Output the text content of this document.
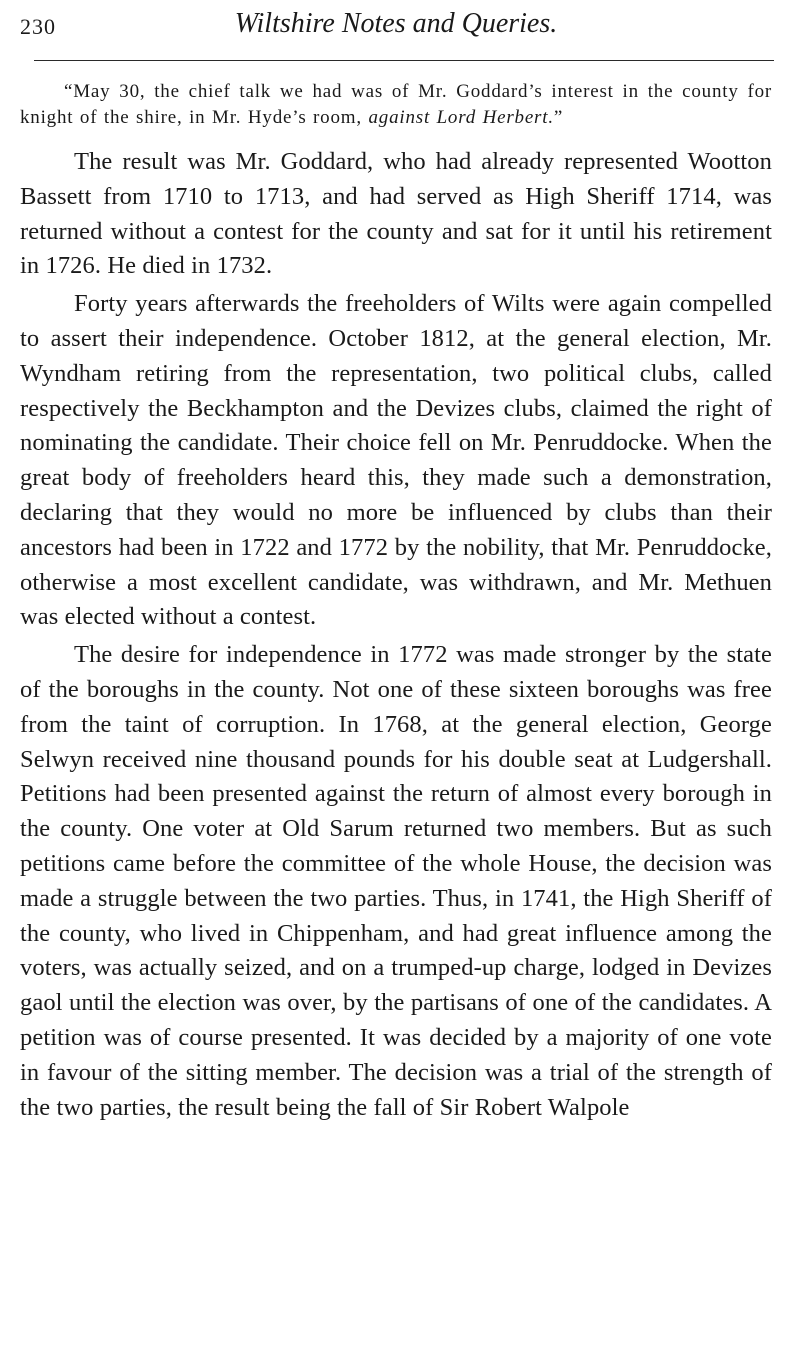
230	Wiltshire Notes and Queries.
“May 30, the chief talk we had was of Mr. Goddard’s interest in the county for knight of the shire, in Mr. Hyde’s room, against Lord Herbert.”

The result was Mr. Goddard, who had already represented Wootton Bassett from 1710 to 1713, and had served as High Sheriff 1714, was returned without a contest for the county and sat for it until his retirement in 1726. He died in 1732.

Forty years afterwards the freeholders of Wilts were again compelled to assert their independence. October 1812, at the general election, Mr. Wyndham retiring from the representation, two political clubs, called respectively the Beckhampton and the Devizes clubs, claimed the right of nominating the candidate. Their choice fell on Mr. Penruddocke. When the great body of freeholders heard this, they made such a demonstration, declaring that they would no more be influenced by clubs than their ancestors had been in 1722 and 1772 by the nobility, that Mr. Penruddocke, otherwise a most excellent candidate, was withdrawn, and Mr. Methuen was elected without a contest.

The desire for independence in 1772 was made stronger by the state of the boroughs in the county. Not one of these sixteen boroughs was free from the taint of corruption. In 1768, at the general election, George Selwyn received nine thousand pounds for his double seat at Ludgershall. Petitions had been presented against the return of almost every borough in the county. One voter at Old Sarum returned two members. But as such petitions came before the committee of the whole House, the decision was made a struggle between the two parties. Thus, in 1741, the High Sheriff of the county, who lived in Chippenham, and had great influence among the voters, was actually seized, and on a trumped-up charge, lodged in Devizes gaol until the election was over, by the partisans of one of the candidates. A petition was of course presented. It was decided by a majority of one vote in favour of the sitting member. The decision was a trial of the strength of the two parties, the result being the fall of Sir Robert Walpole
